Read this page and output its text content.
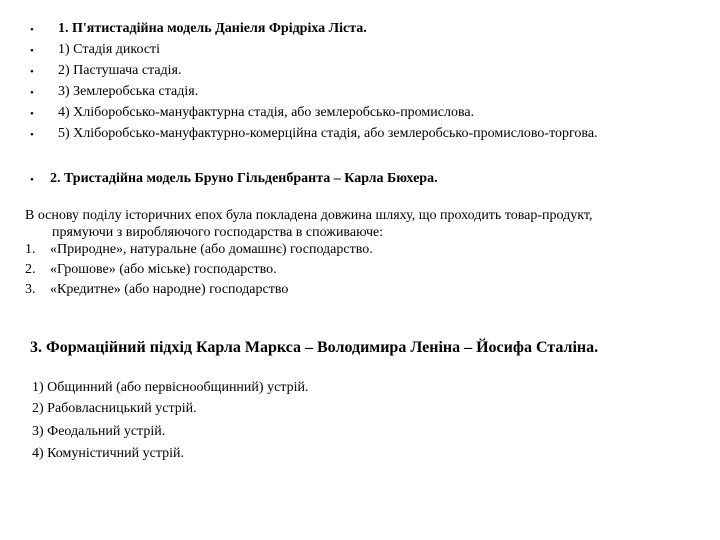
• 1. П'ятистадійна модель Даніеля Фрідріха Ліста.
• 1) Стадія дикості
• 2) Пастушача стадія.
• 3) Землеробська стадія.
• 4) Хліборобсько-мануфактурна стадія, або землеробсько-промислова.
• 5) Хліборобсько-мануфактурно-комерційна стадія, або землеробсько-промислово-торгова.
• 2. Тристадійна модель Бруно Гільденбранта – Карла Бюхера.
В основу поділу історичних епох була покладена довжина шляху, що проходить товар-продукт,
прямуючи з виробляючого господарства в споживаюче:
1. «Природне», натуральне (або домашнє) господарство.
2. «Грошове» (або міське) господарство.
3. «Кредитне» (або народне) господарство
3. Формаційний підхід Карла Маркса – Володимира Леніна – Йосифа Сталіна.
1) Общинний (або первіснообщинний) устрій.
2) Рабовласницький устрій.
3) Феодальний устрій.
4) Комуністичний устрій.
